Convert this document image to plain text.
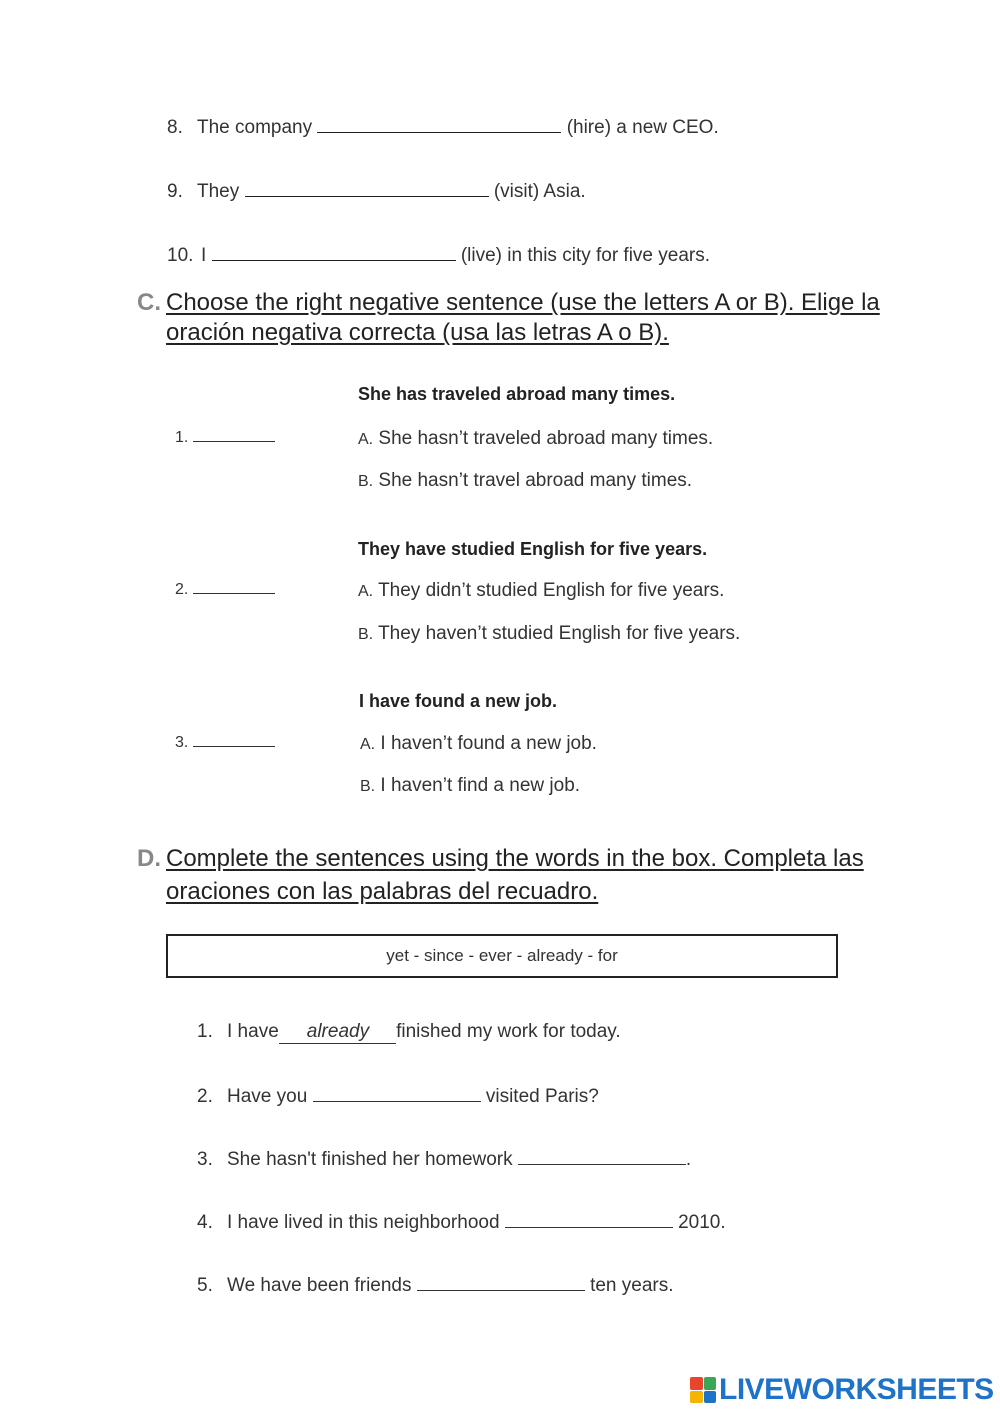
8. The company	(hire) a new CEO.
9. They	(visit) Asia.
10. I	(live) in this city for five years.
C. Choose the right negative sentence (use the letters A or B). Elige la
oración negativa correcta (usa las letras A o B).
She has traveled abroad many times.
1.	A. She hasn’t traveled abroad many times.
B. She hasn’t travel abroad many times.
They have studied English for five years.
2.	A. They didn’t studied English for five years.
B. They haven’t studied English for five years.
I have found a new job.
3.	A. I haven’t found a new job.
B. I haven’t find a new job.
D. Complete the sentences using the words in the box. Completa las
oraciones con las palabras del recuadro.
yet - since - ever - already - for
1. I have already finished my work for today.
2. Have you	visited Paris?
3. She hasn't finished her homework	.
4. I have lived in this neighborhood	2010.
5. We have been friends	ten years.
LIVEWORKSHEETS
